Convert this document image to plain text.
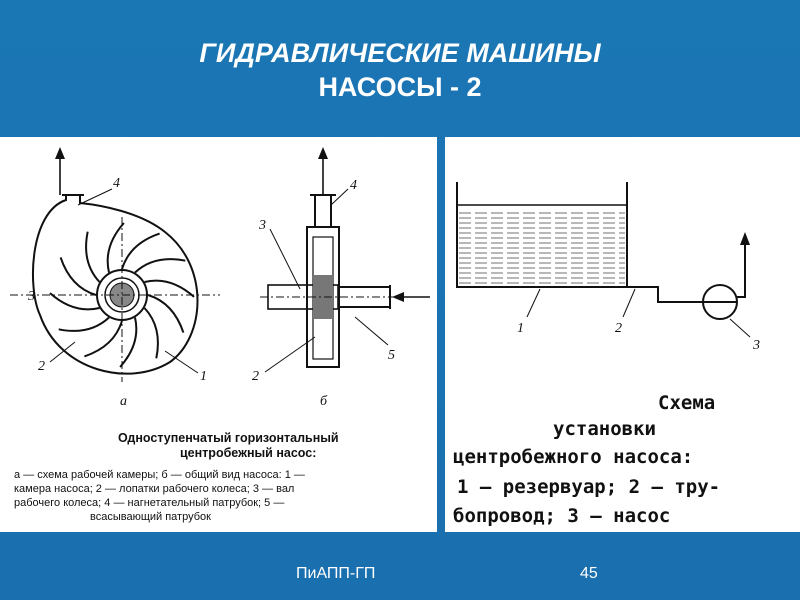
ГИДРАВЛИЧЕСКИЕ МАШИНЫ
НАСОСЫ - 2
4
3
2
1
а
4
3
2
5
б
Одноступенчатый горизонтальный центробежный насос:
а — схема рабочей камеры; б — общий вид насоса: 1 — камера насоса; 2 — лопатки рабочего колеса; 3 — вал рабочего колеса; 4 — нагнетательный патрубок; 5 — всасывающий патрубок
1	2
3
Схема установки центробежного насоса: 1 — резервуар; 2 — тру- бопровод; 3 — насос
ПиАПП-ГП	45
